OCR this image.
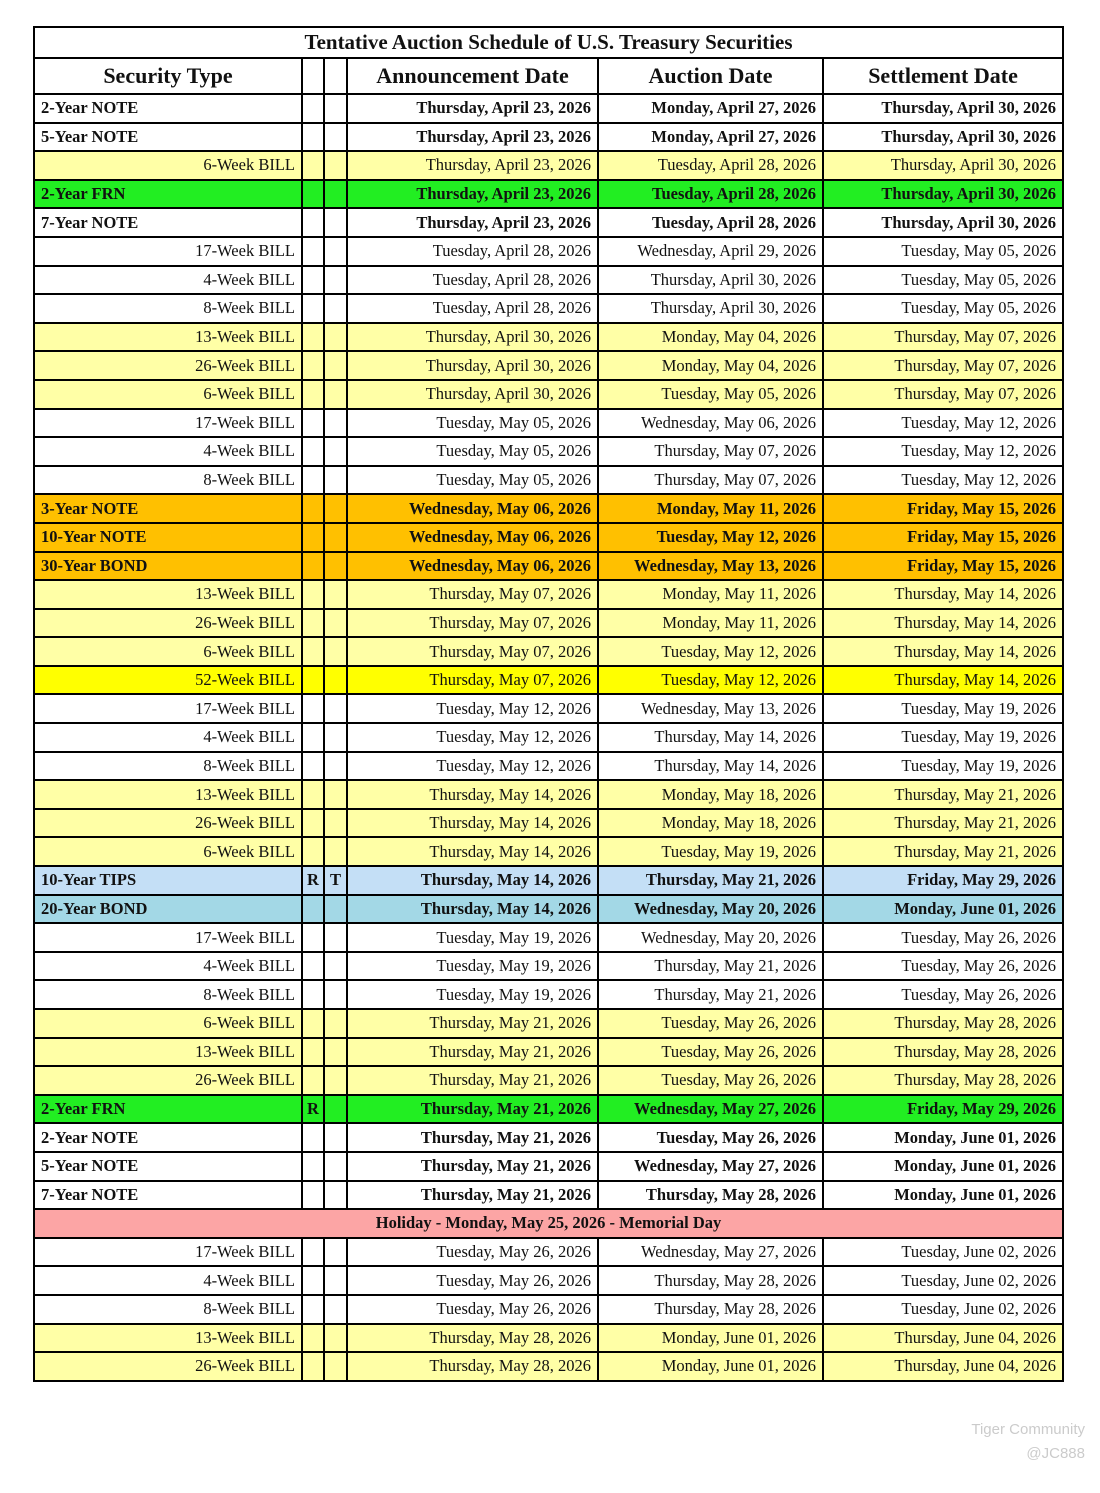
Tentative Auction Schedule of U.S. Treasury Securities					
Security Type			Announcement Date	Auction Date	Settlement Date
2-Year NOTE			Thursday, April 23, 2026	Monday, April 27, 2026	Thursday, April 30, 2026
5-Year NOTE			Thursday, April 23, 2026	Monday, April 27, 2026	Thursday, April 30, 2026
6-Week BILL			Thursday, April 23, 2026	Tuesday, April 28, 2026	Thursday, April 30, 2026
2-Year FRN			Thursday, April 23, 2026	Tuesday, April 28, 2026	Thursday, April 30, 2026
7-Year NOTE			Thursday, April 23, 2026	Tuesday, April 28, 2026	Thursday, April 30, 2026
17-Week BILL			Tuesday, April 28, 2026	Wednesday, April 29, 2026	Tuesday, May 05, 2026
4-Week BILL			Tuesday, April 28, 2026	Thursday, April 30, 2026	Tuesday, May 05, 2026
8-Week BILL			Tuesday, April 28, 2026	Thursday, April 30, 2026	Tuesday, May 05, 2026
13-Week BILL			Thursday, April 30, 2026	Monday, May 04, 2026	Thursday, May 07, 2026
26-Week BILL			Thursday, April 30, 2026	Monday, May 04, 2026	Thursday, May 07, 2026
6-Week BILL			Thursday, April 30, 2026	Tuesday, May 05, 2026	Thursday, May 07, 2026
17-Week BILL			Tuesday, May 05, 2026	Wednesday, May 06, 2026	Tuesday, May 12, 2026
4-Week BILL			Tuesday, May 05, 2026	Thursday, May 07, 2026	Tuesday, May 12, 2026
8-Week BILL			Tuesday, May 05, 2026	Thursday, May 07, 2026	Tuesday, May 12, 2026
3-Year NOTE			Wednesday, May 06, 2026	Monday, May 11, 2026	Friday, May 15, 2026
10-Year NOTE			Wednesday, May 06, 2026	Tuesday, May 12, 2026	Friday, May 15, 2026
30-Year BOND			Wednesday, May 06, 2026	Wednesday, May 13, 2026	Friday, May 15, 2026
13-Week BILL			Thursday, May 07, 2026	Monday, May 11, 2026	Thursday, May 14, 2026
26-Week BILL			Thursday, May 07, 2026	Monday, May 11, 2026	Thursday, May 14, 2026
6-Week BILL			Thursday, May 07, 2026	Tuesday, May 12, 2026	Thursday, May 14, 2026
52-Week BILL			Thursday, May 07, 2026	Tuesday, May 12, 2026	Thursday, May 14, 2026
17-Week BILL			Tuesday, May 12, 2026	Wednesday, May 13, 2026	Tuesday, May 19, 2026
4-Week BILL			Tuesday, May 12, 2026	Thursday, May 14, 2026	Tuesday, May 19, 2026
8-Week BILL			Tuesday, May 12, 2026	Thursday, May 14, 2026	Tuesday, May 19, 2026
13-Week BILL			Thursday, May 14, 2026	Monday, May 18, 2026	Thursday, May 21, 2026
26-Week BILL			Thursday, May 14, 2026	Monday, May 18, 2026	Thursday, May 21, 2026
6-Week BILL			Thursday, May 14, 2026	Tuesday, May 19, 2026	Thursday, May 21, 2026
10-Year TIPS	R	T	Thursday, May 14, 2026	Thursday, May 21, 2026	Friday, May 29, 2026
20-Year BOND			Thursday, May 14, 2026	Wednesday, May 20, 2026	Monday, June 01, 2026
17-Week BILL			Tuesday, May 19, 2026	Wednesday, May 20, 2026	Tuesday, May 26, 2026
4-Week BILL			Tuesday, May 19, 2026	Thursday, May 21, 2026	Tuesday, May 26, 2026
8-Week BILL			Tuesday, May 19, 2026	Thursday, May 21, 2026	Tuesday, May 26, 2026
6-Week BILL			Thursday, May 21, 2026	Tuesday, May 26, 2026	Thursday, May 28, 2026
13-Week BILL			Thursday, May 21, 2026	Tuesday, May 26, 2026	Thursday, May 28, 2026
26-Week BILL			Thursday, May 21, 2026	Tuesday, May 26, 2026	Thursday, May 28, 2026
2-Year FRN	R		Thursday, May 21, 2026	Wednesday, May 27, 2026	Friday, May 29, 2026
2-Year NOTE			Thursday, May 21, 2026	Tuesday, May 26, 2026	Monday, June 01, 2026
5-Year NOTE			Thursday, May 21, 2026	Wednesday, May 27, 2026	Monday, June 01, 2026
7-Year NOTE			Thursday, May 21, 2026	Thursday, May 28, 2026	Monday, June 01, 2026
Holiday - Monday, May 25, 2026 - Memorial Day					
17-Week BILL			Tuesday, May 26, 2026	Wednesday, May 27, 2026	Tuesday, June 02, 2026
4-Week BILL			Tuesday, May 26, 2026	Thursday, May 28, 2026	Tuesday, June 02, 2026
8-Week BILL			Tuesday, May 26, 2026	Thursday, May 28, 2026	Tuesday, June 02, 2026
13-Week BILL			Thursday, May 28, 2026	Monday, June 01, 2026	Thursday, June 04, 2026
26-Week BILL			Thursday, May 28, 2026	Monday, June 01, 2026	Thursday, June 04, 2026
Tiger Community
@JC888
